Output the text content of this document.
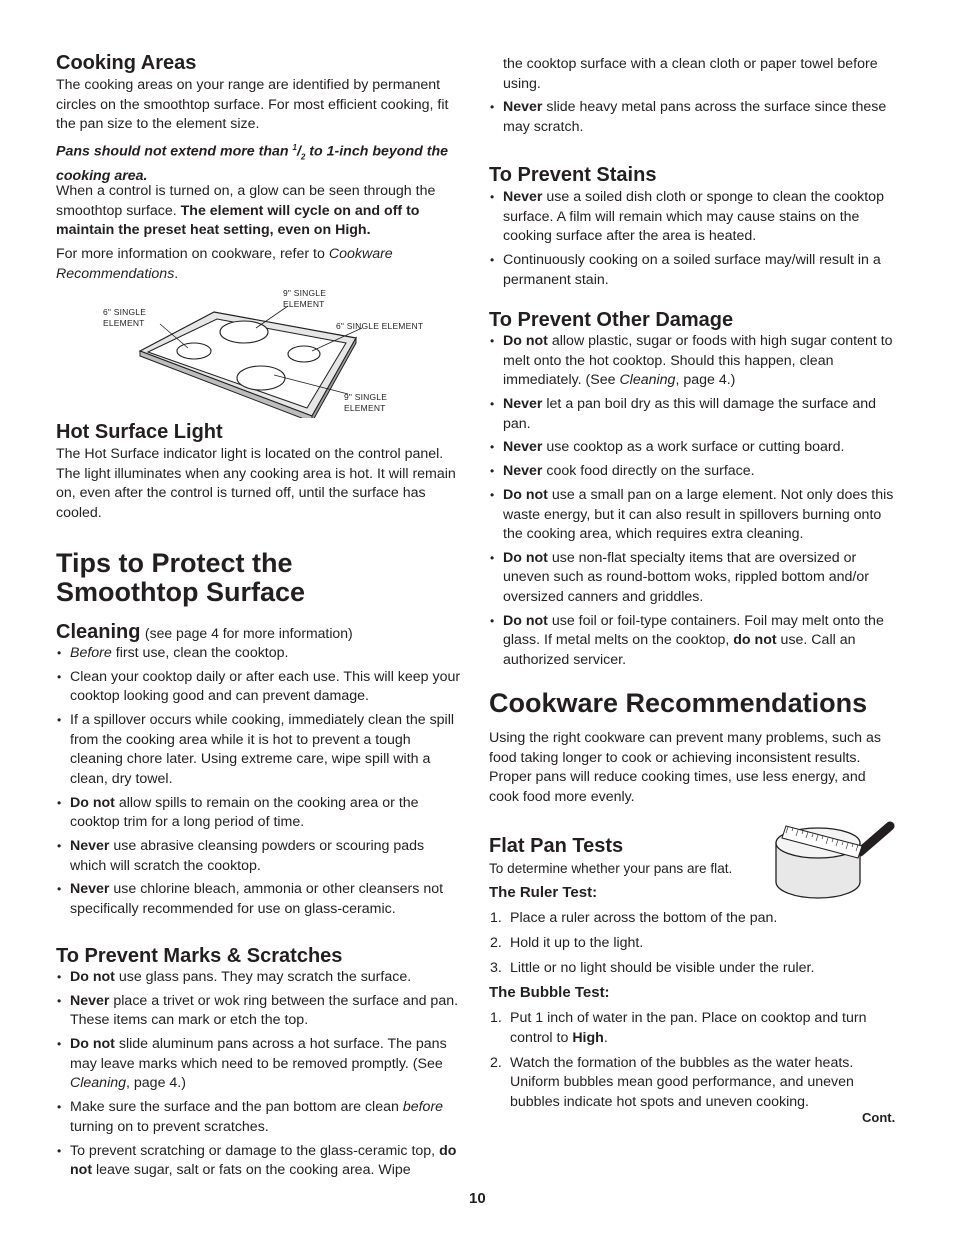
Cooking Areas

The cooking areas on your range are identified by permanent circles on the smoothtop surface. For most efficient cooking, fit the pan size to the element size.

Pans should not extend more than $^1/_2$ to 1-inch beyond the cooking area.

When a control is turned on, a glow can be seen through the smoothtop surface. The element will cycle on and off to maintain the preset heat setting, even on High.

For more information on cookware, refer to Cookware Recommendations.

6" SINGLE
ELEMENT
9" SINGLE
ELEMENT
6" SINGLE ELEMENT
9" SINGLE
ELEMENT
Hot Surface Light

The Hot Surface indicator light is located on the control panel. The light illuminates when any cooking area is hot. It will remain on, even after the control is turned off, until the surface has cooled.

Tips to Protect the
Smoothtop Surface
Cleaning (see page 4 for more information)
• Before first use, clean the cooktop.
• Clean your cooktop daily or after each use. This will keep your cooktop looking good and can prevent damage.
• If a spillover occurs while cooking, immediately clean the spill from the cooking area while it is hot to prevent a tough cleaning chore later. Using extreme care, wipe spill with a clean, dry towel.
• Do not allow spills to remain on the cooking area or the cooktop trim for a long period of time.
• Never use abrasive cleansing powders or scouring pads which will scratch the cooktop.
• Never use chlorine bleach, ammonia or other cleansers not specifically recommended for use on glass-ceramic.
To Prevent Marks & Scratches
• Do not use glass pans. They may scratch the surface.
• Never place a trivet or wok ring between the surface and pan. These items can mark or etch the top.
• Do not slide aluminum pans across a hot surface. The pans may leave marks which need to be removed promptly. (See Cleaning, page 4.)
• Make sure the surface and the pan bottom are clean before turning on to prevent scratches.
• To prevent scratching or damage to the glass-ceramic top, do not leave sugar, salt or fats on the cooking area. Wipe

the cooktop surface with a clean cloth or paper towel before using.

• Never slide heavy metal pans across the surface since these may scratch.
To Prevent Stains
• Never use a soiled dish cloth or sponge to clean the cooktop surface. A film will remain which may cause stains on the cooking surface after the area is heated.
• Continuously cooking on a soiled surface may/will result in a permanent stain.
To Prevent Other Damage
• Do not allow plastic, sugar or foods with high sugar content to melt onto the hot cooktop. Should this happen, clean immediately. (See Cleaning, page 4.)
• Never let a pan boil dry as this will damage the surface and pan.
• Never use cooktop as a work surface or cutting board.
• Never cook food directly on the surface.
• Do not use a small pan on a large element. Not only does this waste energy, but it can also result in spillovers burning onto the cooking area, which requires extra cleaning.
• Do not use non-flat specialty items that are oversized or uneven such as round-bottom woks, rippled bottom and/or oversized canners and griddles.
• Do not use foil or foil-type containers. Foil may melt onto the glass. If metal melts on the cooktop, do not use. Call an authorized servicer.
Cookware Recommendations

Using the right cookware can prevent many problems, such as food taking longer to cook or achieving inconsistent results. Proper pans will reduce cooking times, use less energy, and cook food more evenly.

Flat Pan Tests

To determine whether your pans are flat.

The Ruler Test:
1. Place a ruler across the bottom of the pan.
2. Hold it up to the light.
3. Little or no light should be visible under the ruler.
The Bubble Test:
1. Put 1 inch of water in the pan. Place on cooktop and turn control to High.
2. Watch the formation of the bubbles as the water heats. Uniform bubbles mean good performance, and uneven bubbles indicate hot spots and uneven cooking.
Cont.
10
